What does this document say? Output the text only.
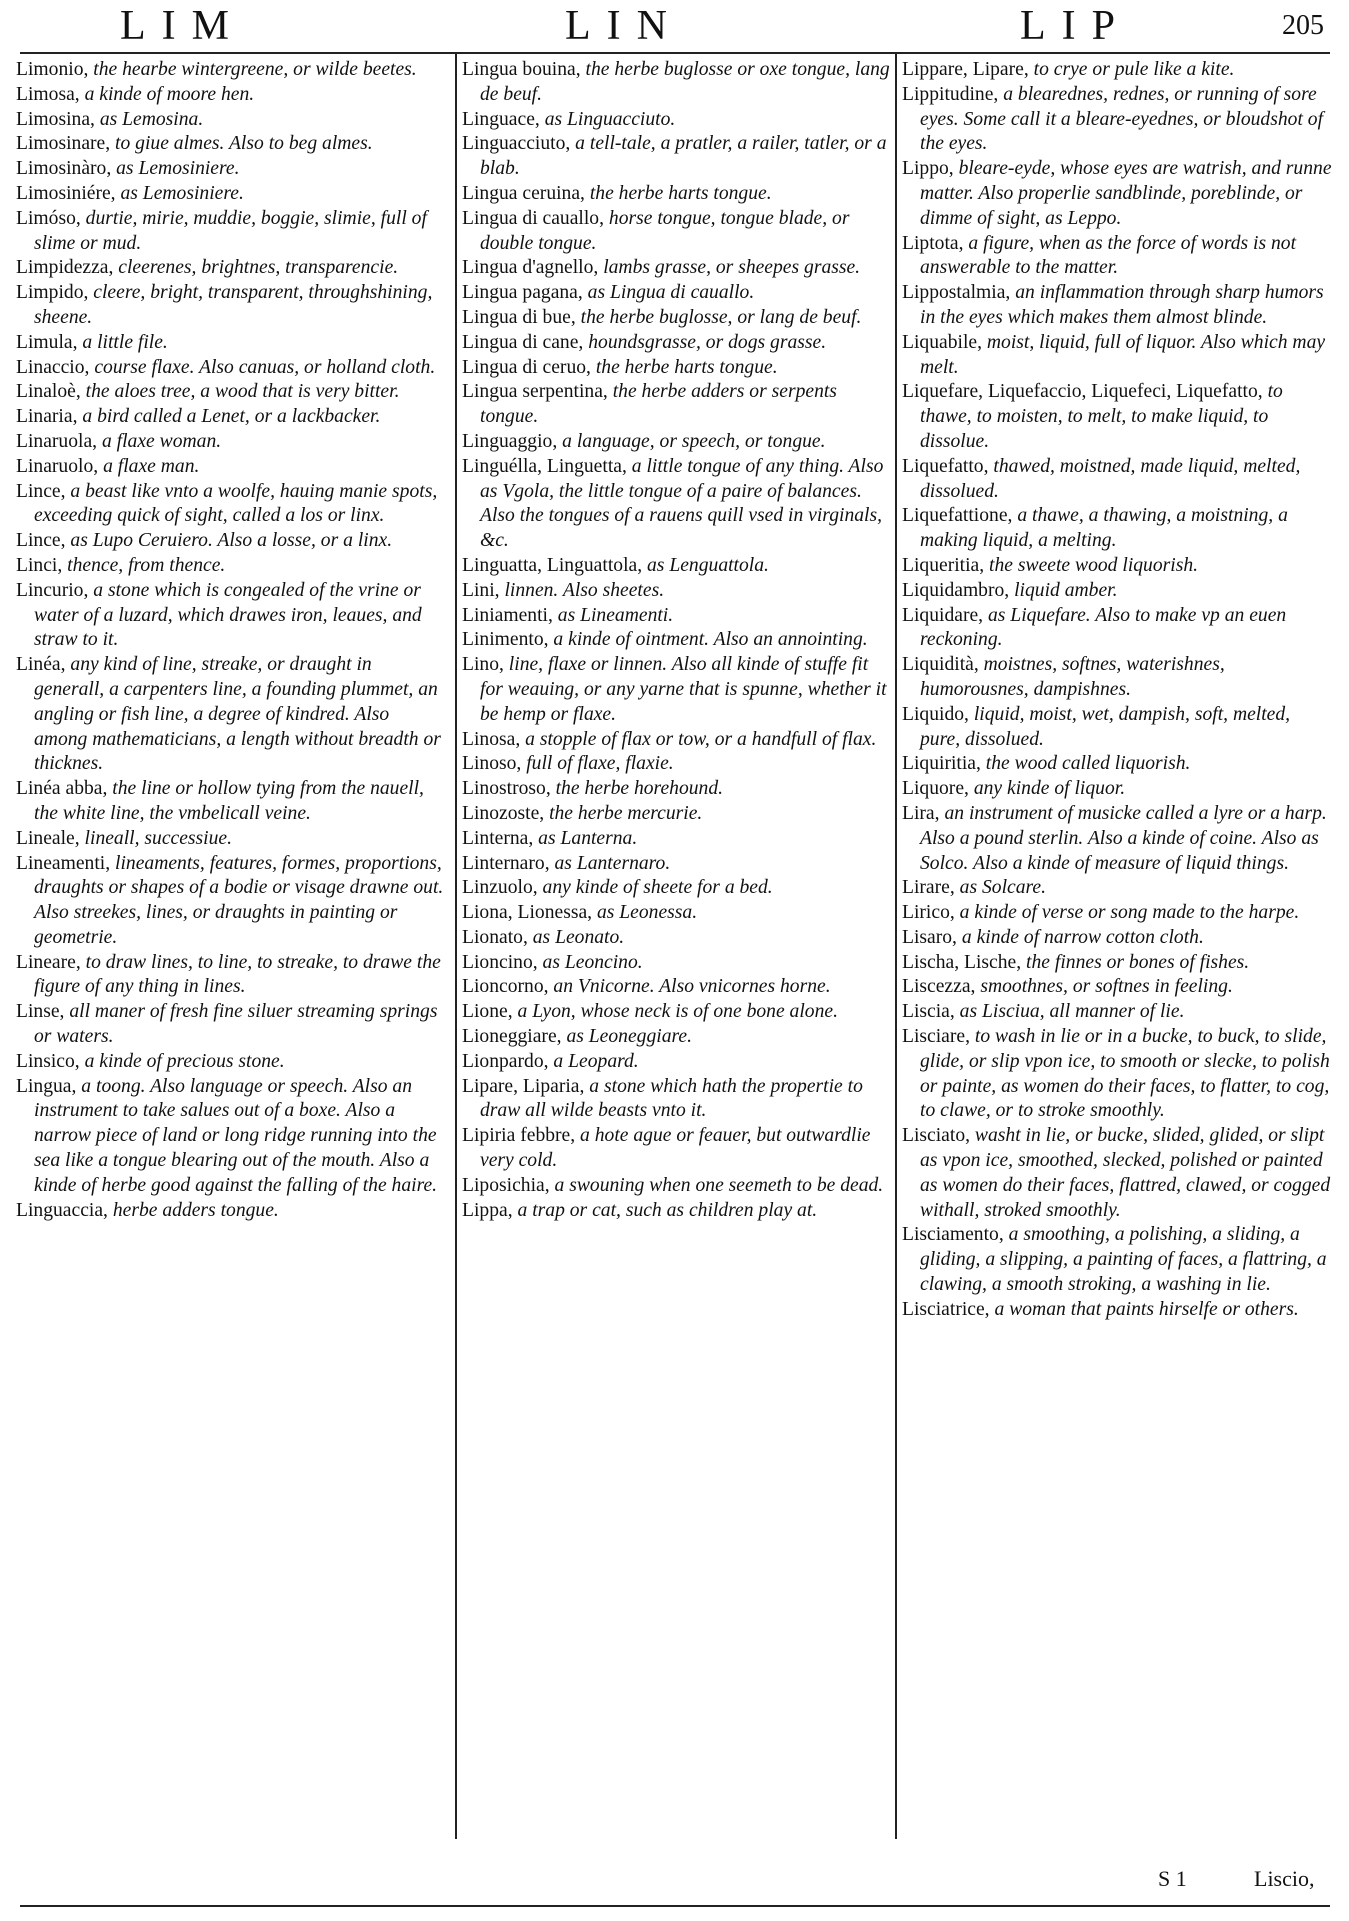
LIM	LIN	LIP	205

Limonio, the hearbe wintergreene, or wilde beetes.

Limosa, a kinde of moore hen.

Limosina, as Lemosina.

Limosinare, to giue almes. Also to beg almes.

Limosinàro, as Lemosiniere.

Limosiniére, as Lemosiniere.

Limóso, durtie, mirie, muddie, boggie, slimie, full of slime or mud.

Limpidezza, cleerenes, brightnes, transparencie.

Limpido, cleere, bright, transparent, throughshining, sheene.

Limula, a little file.

Linaccio, course flaxe. Also canuas, or holland cloth.

Linaloè, the aloes tree, a wood that is very bitter.

Linaria, a bird called a Lenet, or a lackbacker.

Linaruola, a flaxe woman.

Linaruolo, a flaxe man.

Lince, a beast like vnto a woolfe, hauing manie spots, exceeding quick of sight, called a los or linx.

Lince, as Lupo Ceruiero. Also a losse, or a linx.

Linci, thence, from thence.

Lincurio, a stone which is congealed of the vrine or water of a luzard, which drawes iron, leaues, and straw to it.

Linéa, any kind of line, streake, or draught in generall, a carpenters line, a founding plummet, an angling or fish line, a degree of kindred. Also among mathematicians, a length without breadth or thicknes.

Linéa abba, the line or hollow tying from the nauell, the white line, the vmbelicall veine.

Lineale, lineall, successiue.

Lineamenti, lineaments, features, formes, proportions, draughts or shapes of a bodie or visage drawne out. Also streekes, lines, or draughts in painting or geometrie.

Lineare, to draw lines, to line, to streake, to drawe the figure of any thing in lines.

Linse, all maner of fresh fine siluer streaming springs or waters.

Linsico, a kinde of precious stone.

Lingua, a toong. Also language or speech. Also an instrument to take salues out of a boxe. Also a narrow piece of land or long ridge running into the sea like a tongue blearing out of the mouth. Also a kinde of herbe good against the falling of the haire.

Linguaccia, herbe adders tongue.

Lingua bouina, the herbe buglosse or oxe tongue, lang de beuf.

Linguace, as Linguacciuto.

Linguacciuto, a tell-tale, a pratler, a railer, tatler, or a blab.

Lingua ceruina, the herbe harts tongue.

Lingua di cauallo, horse tongue, tongue blade, or double tongue.

Lingua d'agnello, lambs grasse, or sheepes grasse.

Lingua pagana, as Lingua di cauallo.

Lingua di bue, the herbe buglosse, or lang de beuf.

Lingua di cane, houndsgrasse, or dogs grasse.

Lingua di ceruo, the herbe harts tongue.

Lingua serpentina, the herbe adders or serpents tongue.

Linguaggio, a language, or speech, or tongue.

Linguélla, Linguetta, a little tongue of any thing. Also as Vgola, the little tongue of a paire of balances. Also the tongues of a rauens quill vsed in virginals, &c.

Linguatta, Linguattola, as Lenguattola.

Lini, linnen. Also sheetes.

Liniamenti, as Lineamenti.

Linimento, a kinde of ointment. Also an annointing.

Lino, line, flaxe or linnen. Also all kinde of stuffe fit for weauing, or any yarne that is spunne, whether it be hemp or flaxe.

Linosa, a stopple of flax or tow, or a handfull of flax.

Linoso, full of flaxe, flaxie.

Linostroso, the herbe horehound.

Linozoste, the herbe mercurie.

Linterna, as Lanterna.

Linternaro, as Lanternaro.

Linzuolo, any kinde of sheete for a bed.

Liona, Lionessa, as Leonessa.

Lionato, as Leonato.

Lioncino, as Leoncino.

Lioncorno, an Vnicorne. Also vnicornes horne.

Lione, a Lyon, whose neck is of one bone alone.

Lioneggiare, as Leoneggiare.

Lionpardo, a Leopard.

Lipare, Liparia, a stone which hath the propertie to draw all wilde beasts vnto it.

Lipiria febbre, a hote ague or feauer, but outwardlie very cold.

Liposichia, a swouning when one seemeth to be dead.

Lippa, a trap or cat, such as children play at.

Lippare, Lipare, to crye or pule like a kite.

Lippitudine, a blearednes, rednes, or running of sore eyes. Some call it a bleare-eyednes, or bloudshot of the eyes.

Lippo, bleare-eyde, whose eyes are watrish, and runne matter. Also properlie sandblinde, poreblinde, or dimme of sight, as Leppo.

Liptota, a figure, when as the force of words is not answerable to the matter.

Lippostalmia, an inflammation through sharp humors in the eyes which makes them almost blinde.

Liquabile, moist, liquid, full of liquor. Also which may melt.

Liquefare, Liquefaccio, Liquefeci, Liquefatto, to thawe, to moisten, to melt, to make liquid, to dissolue.

Liquefatto, thawed, moistned, made liquid, melted, dissolued.

Liquefattione, a thawe, a thawing, a moistning, a making liquid, a melting.

Liqueritia, the sweete wood liquorish.

Liquidambro, liquid amber.

Liquidare, as Liquefare. Also to make vp an euen reckoning.

Liquidità, moistnes, softnes, waterishnes, humorousnes, dampishnes.

Liquido, liquid, moist, wet, dampish, soft, melted, pure, dissolued.

Liquiritia, the wood called liquorish.

Liquore, any kinde of liquor.

Lira, an instrument of musicke called a lyre or a harp. Also a pound sterlin. Also a kinde of coine. Also as Solco. Also a kinde of measure of liquid things.

Lirare, as Solcare.

Lirico, a kinde of verse or song made to the harpe.

Lisaro, a kinde of narrow cotton cloth.

Lischa, Lische, the finnes or bones of fishes.

Liscezza, smoothnes, or softnes in feeling.

Liscia, as Lisciua, all manner of lie.

Lisciare, to wash in lie or in a bucke, to buck, to slide, glide, or slip vpon ice, to smooth or slecke, to polish or painte, as women do their faces, to flatter, to cog, to clawe, or to stroke smoothly.

Lisciato, washt in lie, or bucke, slided, glided, or slipt as vpon ice, smoothed, slecked, polished or painted as women do their faces, flattred, clawed, or cogged withall, stroked smoothly.

Lisciamento, a smoothing, a polishing, a sliding, a gliding, a slipping, a painting of faces, a flattring, a clawing, a smooth stroking, a washing in lie.

Lisciatrice, a woman that paints hirselfe or others.

S 1	Liscio,
